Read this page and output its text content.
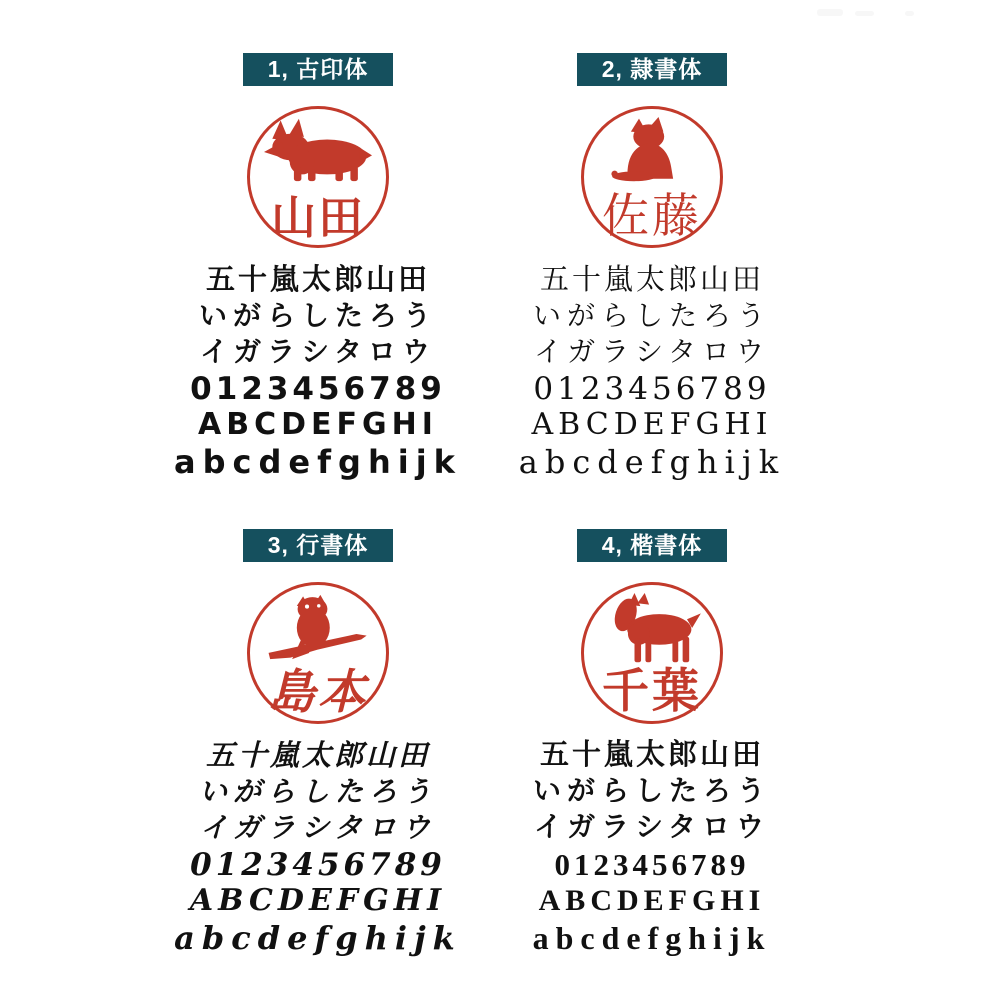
1, 古印体
山田
五十嵐太郎山田
いがらしたろう
イガラシタロウ
0123456789
ABCDEFGHI
abcdefghijk
2, 隷書体
佐藤
五十嵐太郎山田
いがらしたろう
イガラシタロウ
0123456789
ABCDEFGHI
abcdefghijk
3, 行書体
島本
五十嵐太郎山田
いがらしたろう
イガラシタロウ
0123456789
ABCDEFGHI
abcdefghijk
4, 楷書体
千葉
五十嵐太郎山田
いがらしたろう
イガラシタロウ
0123456789
ABCDEFGHI
abcdefghijk
